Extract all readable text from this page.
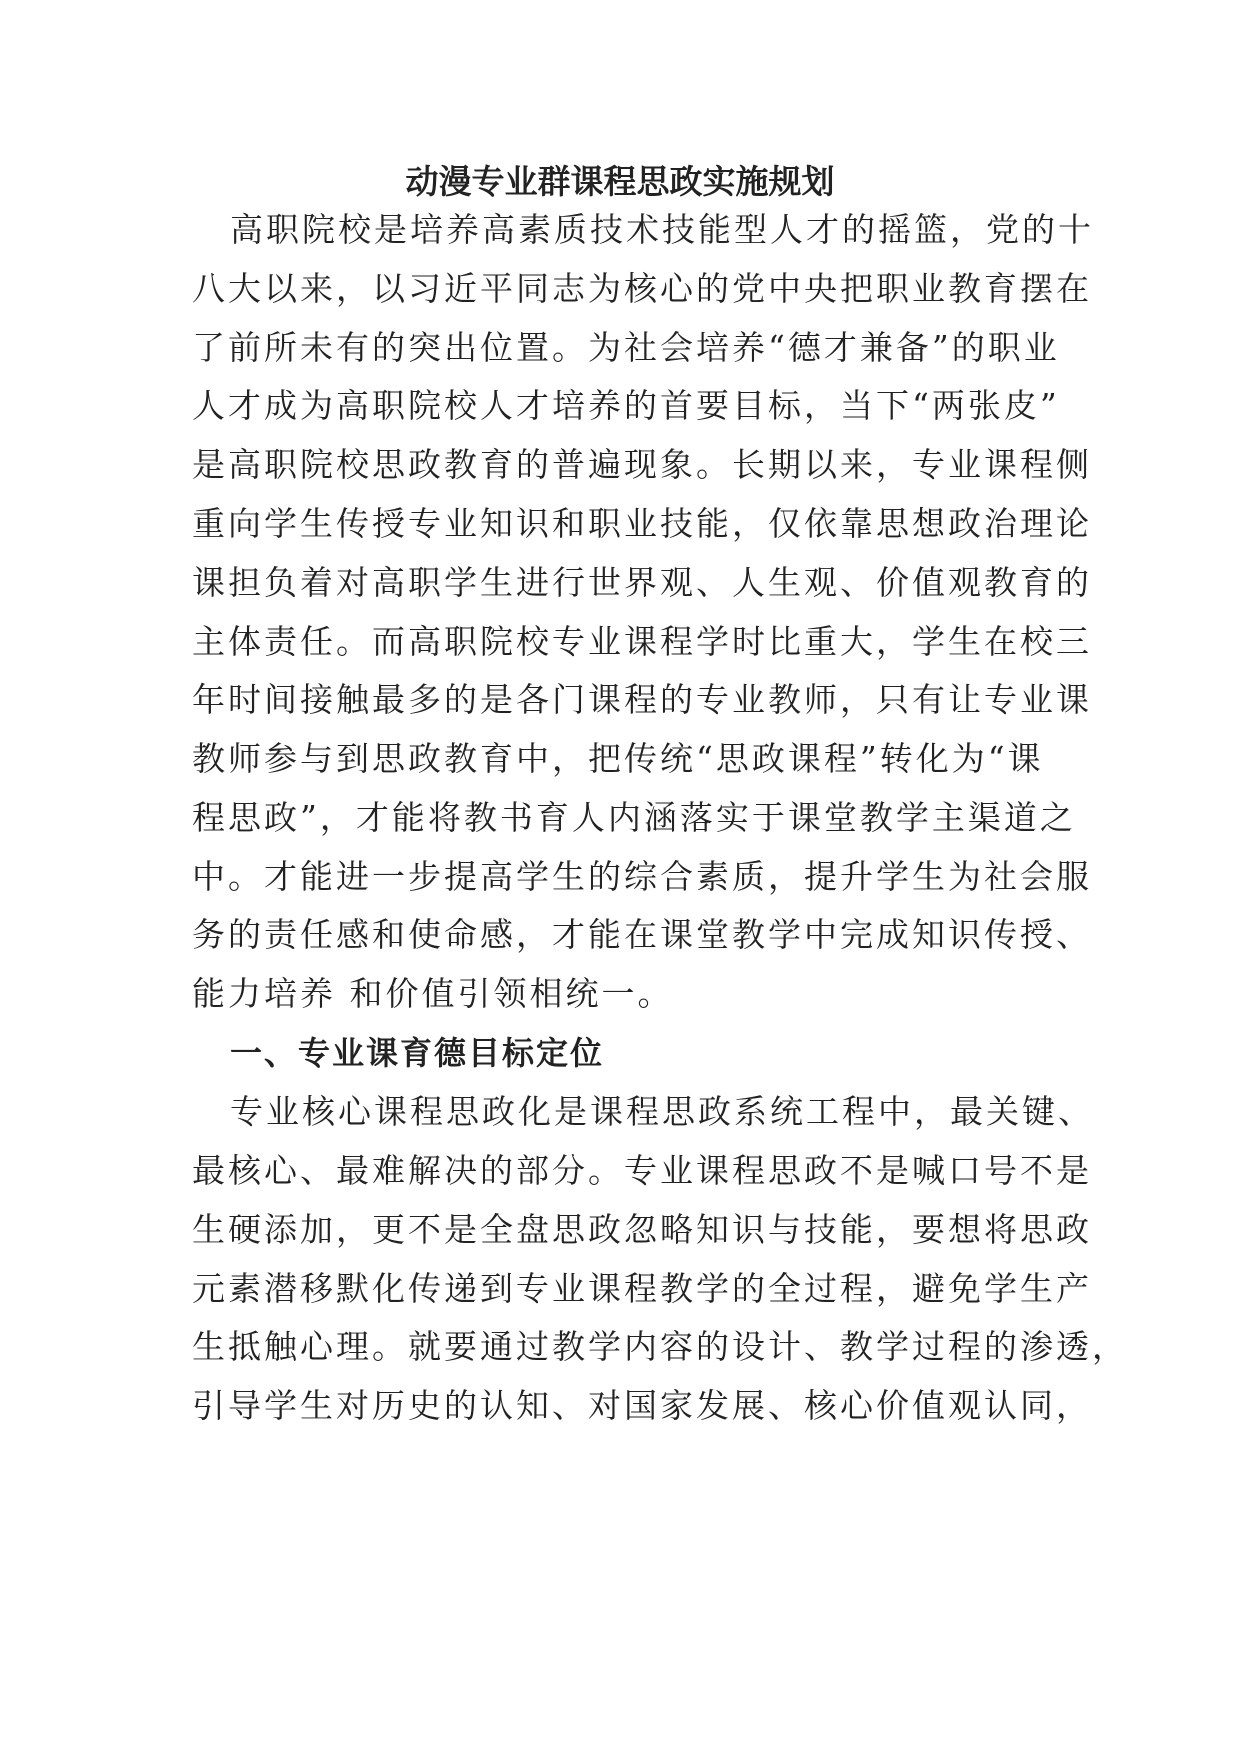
动漫专业群课程思政实施规划
高职院校是培养高素质技术技能型人才的摇篮，党的十
八大以来，以习近平同志为核心的党中央把职业教育摆在
了前所未有的突出位置。为社会培养“德才兼备”的职业
人才成为高职院校人才培养的首要目标，当下“两张皮”
是高职院校思政教育的普遍现象。长期以来，专业课程侧
重向学生传授专业知识和职业技能，仅依靠思想政治理论
课担负着对高职学生进行世界观、人生观、价值观教育的
主体责任。而高职院校专业课程学时比重大，学生在校三
年时间接触最多的是各门课程的专业教师，只有让专业课
教师参与到思政教育中，把传统“思政课程”转化为“课
程思政”，才能将教书育人内涵落实于课堂教学主渠道之
中。才能进一步提高学生的综合素质，提升学生为社会服
务的责任感和使命感，才能在课堂教学中完成知识传授、
能力培养 和价值引领相统一。
一、专业课育德目标定位
专业核心课程思政化是课程思政系统工程中，最关键、
最核心、最难解决的部分。专业课程思政不是喊口号不是
生硬添加，更不是全盘思政忽略知识与技能，要想将思政
元素潜移默化传递到专业课程教学的全过程，避免学生产
生抵触心理。就要通过教学内容的设计、教学过程的渗透，
引导学生对历史的认知、对国家发展、核心价值观认同，
